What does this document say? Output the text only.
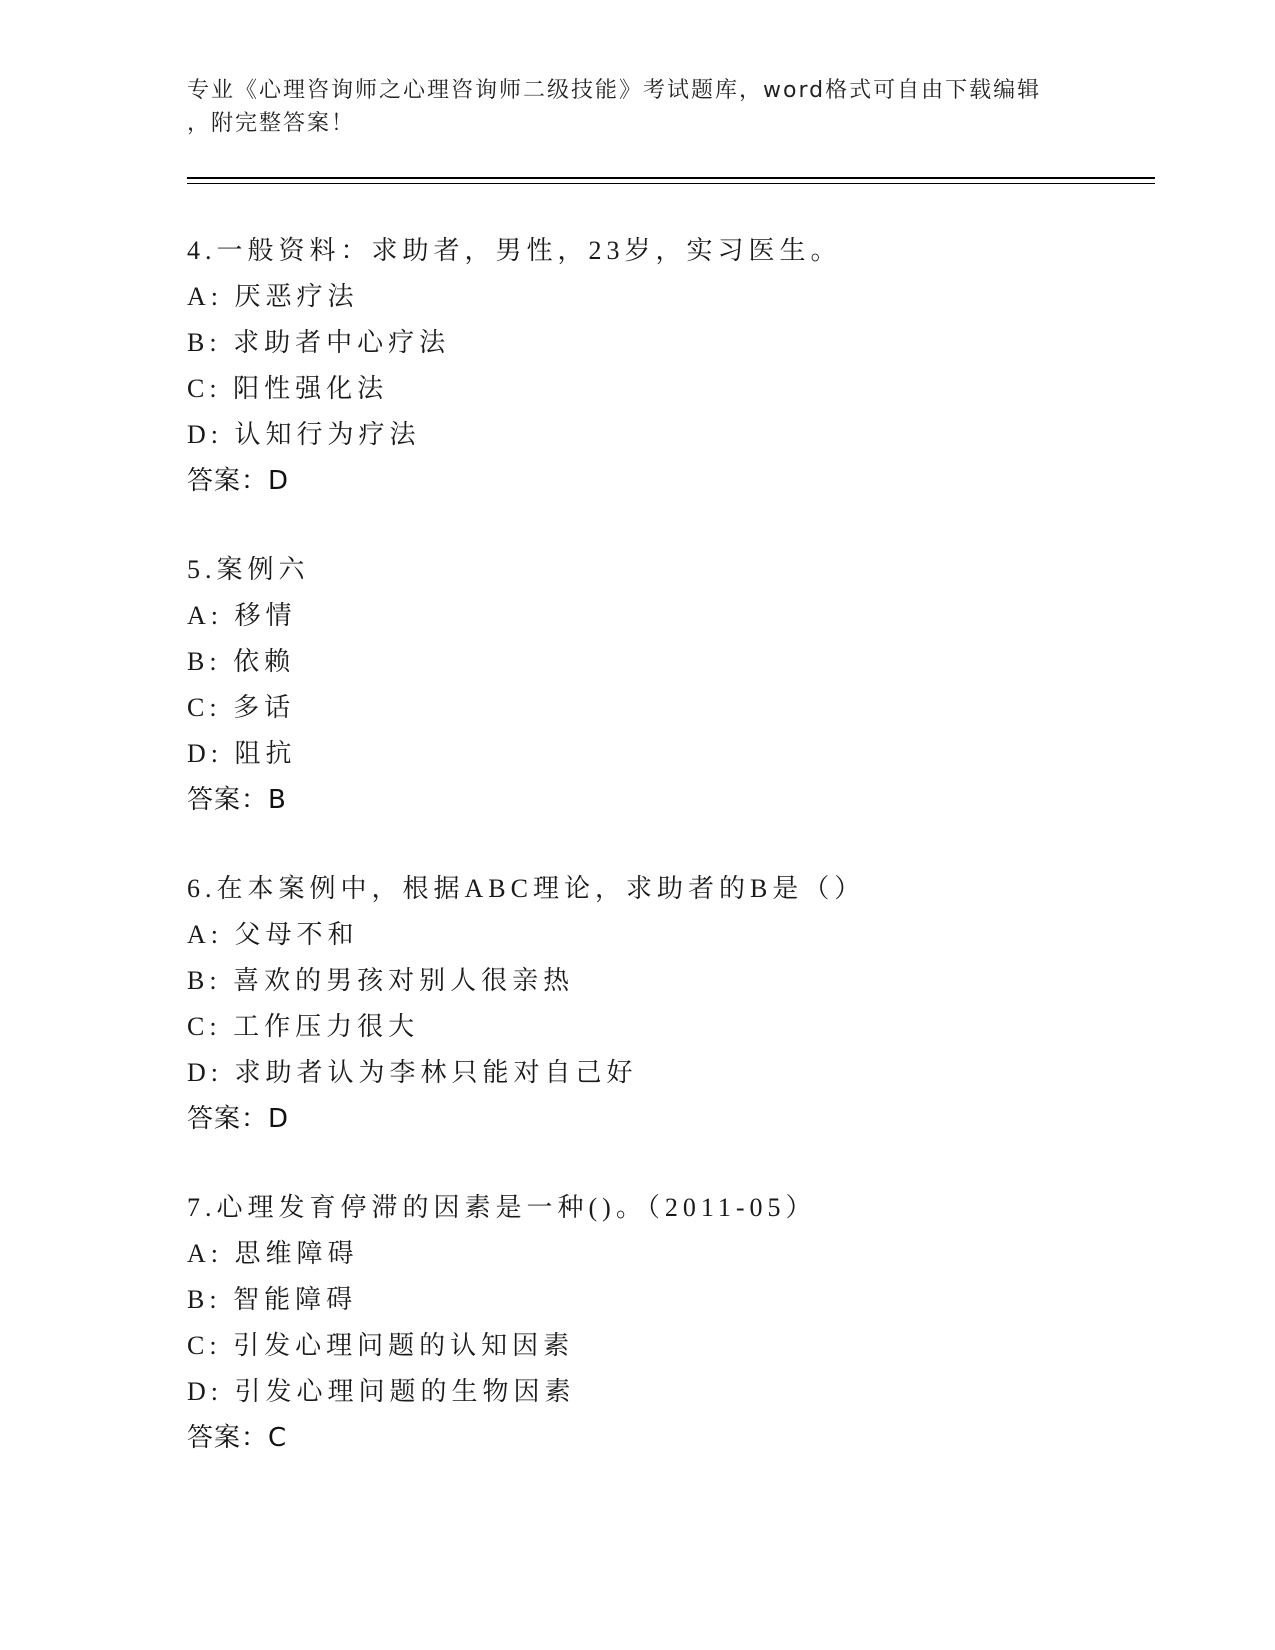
专业《心理咨询师之心理咨询师二级技能》考试题库，word格式可自由下载编辑
，附完整答案！
4.一般资料：求助者，男性，23岁，实习医生。
A: 厌恶疗法
B: 求助者中心疗法
C: 阳性强化法
D: 认知行为疗法
答案：D
5.案例六
A: 移情
B: 依赖
C: 多话
D: 阻抗
答案：B
6.在本案例中，根据ABC理论，求助者的B是（）
A: 父母不和
B: 喜欢的男孩对别人很亲热
C: 工作压力很大
D: 求助者认为李林只能对自己好
答案：D
7.心理发育停滞的因素是一种()。（2011-05）
A: 思维障碍
B: 智能障碍
C: 引发心理问题的认知因素
D: 引发心理问题的生物因素
答案：C
